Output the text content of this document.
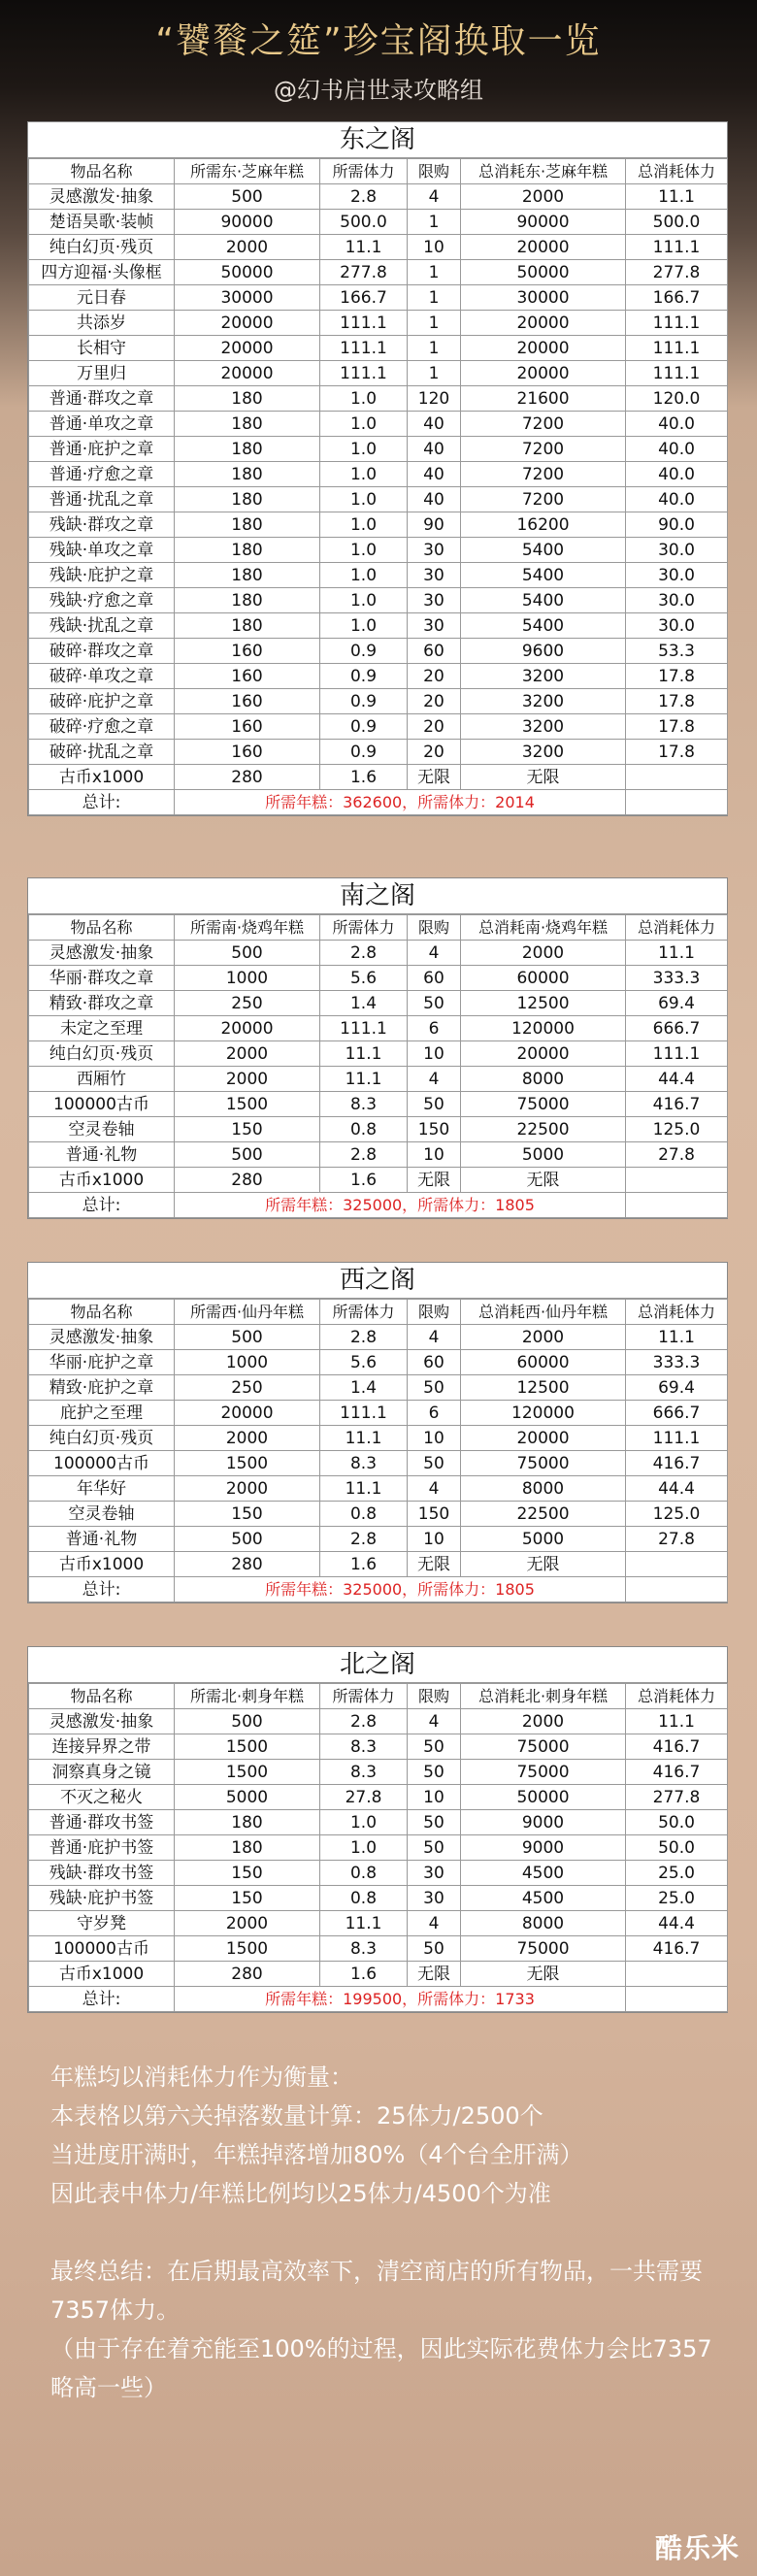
“饕餮之筵”珍宝阁换取一览
@幻书启世录攻略组
东之阁
物品名称	所需东·芝麻年糕	所需体力	限购	总消耗东·芝麻年糕	总消耗体力
灵感激发·抽象	500	2.8	4	2000	11.1
楚语昊歌·装帧	90000	500.0	1	90000	500.0
纯白幻页·残页	2000	11.1	10	20000	111.1
四方迎福·头像框	50000	277.8	1	50000	277.8
元日春	30000	166.7	1	30000	166.7
共添岁	20000	111.1	1	20000	111.1
长相守	20000	111.1	1	20000	111.1
万里归	20000	111.1	1	20000	111.1
普通·群攻之章	180	1.0	120	21600	120.0
普通·单攻之章	180	1.0	40	7200	40.0
普通·庇护之章	180	1.0	40	7200	40.0
普通·疗愈之章	180	1.0	40	7200	40.0
普通·扰乱之章	180	1.0	40	7200	40.0
残缺·群攻之章	180	1.0	90	16200	90.0
残缺·单攻之章	180	1.0	30	5400	30.0
残缺·庇护之章	180	1.0	30	5400	30.0
残缺·疗愈之章	180	1.0	30	5400	30.0
残缺·扰乱之章	180	1.0	30	5400	30.0
破碎·群攻之章	160	0.9	60	9600	53.3
破碎·单攻之章	160	0.9	20	3200	17.8
破碎·庇护之章	160	0.9	20	3200	17.8
破碎·疗愈之章	160	0.9	20	3200	17.8
破碎·扰乱之章	160	0.9	20	3200	17.8
古币x1000	280	1.6	无限	无限	
总计:	所需年糕：362600，所需体力：2014				
南之阁
物品名称	所需南·烧鸡年糕	所需体力	限购	总消耗南·烧鸡年糕	总消耗体力
灵感激发·抽象	500	2.8	4	2000	11.1
华丽·群攻之章	1000	5.6	60	60000	333.3
精致·群攻之章	250	1.4	50	12500	69.4
未定之至理	20000	111.1	6	120000	666.7
纯白幻页·残页	2000	11.1	10	20000	111.1
西厢竹	2000	11.1	4	8000	44.4
100000古币	1500	8.3	50	75000	416.7
空灵卷轴	150	0.8	150	22500	125.0
普通·礼物	500	2.8	10	5000	27.8
古币x1000	280	1.6	无限	无限	
总计:	所需年糕：325000，所需体力：1805				
西之阁
物品名称	所需西·仙丹年糕	所需体力	限购	总消耗西·仙丹年糕	总消耗体力
灵感激发·抽象	500	2.8	4	2000	11.1
华丽·庇护之章	1000	5.6	60	60000	333.3
精致·庇护之章	250	1.4	50	12500	69.4
庇护之至理	20000	111.1	6	120000	666.7
纯白幻页·残页	2000	11.1	10	20000	111.1
100000古币	1500	8.3	50	75000	416.7
年华好	2000	11.1	4	8000	44.4
空灵卷轴	150	0.8	150	22500	125.0
普通·礼物	500	2.8	10	5000	27.8
古币x1000	280	1.6	无限	无限	
总计:	所需年糕：325000，所需体力：1805				
北之阁
物品名称	所需北·刺身年糕	所需体力	限购	总消耗北·刺身年糕	总消耗体力
灵感激发·抽象	500	2.8	4	2000	11.1
连接异界之带	1500	8.3	50	75000	416.7
洞察真身之镜	1500	8.3	50	75000	416.7
不灭之秘火	5000	27.8	10	50000	277.8
普通·群攻书签	180	1.0	50	9000	50.0
普通·庇护书签	180	1.0	50	9000	50.0
残缺·群攻书签	150	0.8	30	4500	25.0
残缺·庇护书签	150	0.8	30	4500	25.0
守岁凳	2000	11.1	4	8000	44.4
100000古币	1500	8.3	50	75000	416.7
古币x1000	280	1.6	无限	无限	
总计:	所需年糕：199500，所需体力：1733				

年糕均以消耗体力作为衡量：

本表格以第六关掉落数量计算：25体力/2500个

当进度肝满时，年糕掉落增加80%（4个台全肝满）

因此表中体力/年糕比例均以25体力/4500个为准

最终总结：在后期最高效率下，清空商店的所有物品，一共需要7357体力。

（由于存在着充能至100%的过程，因此实际花费体力会比7357略高一些）

酷乐米
